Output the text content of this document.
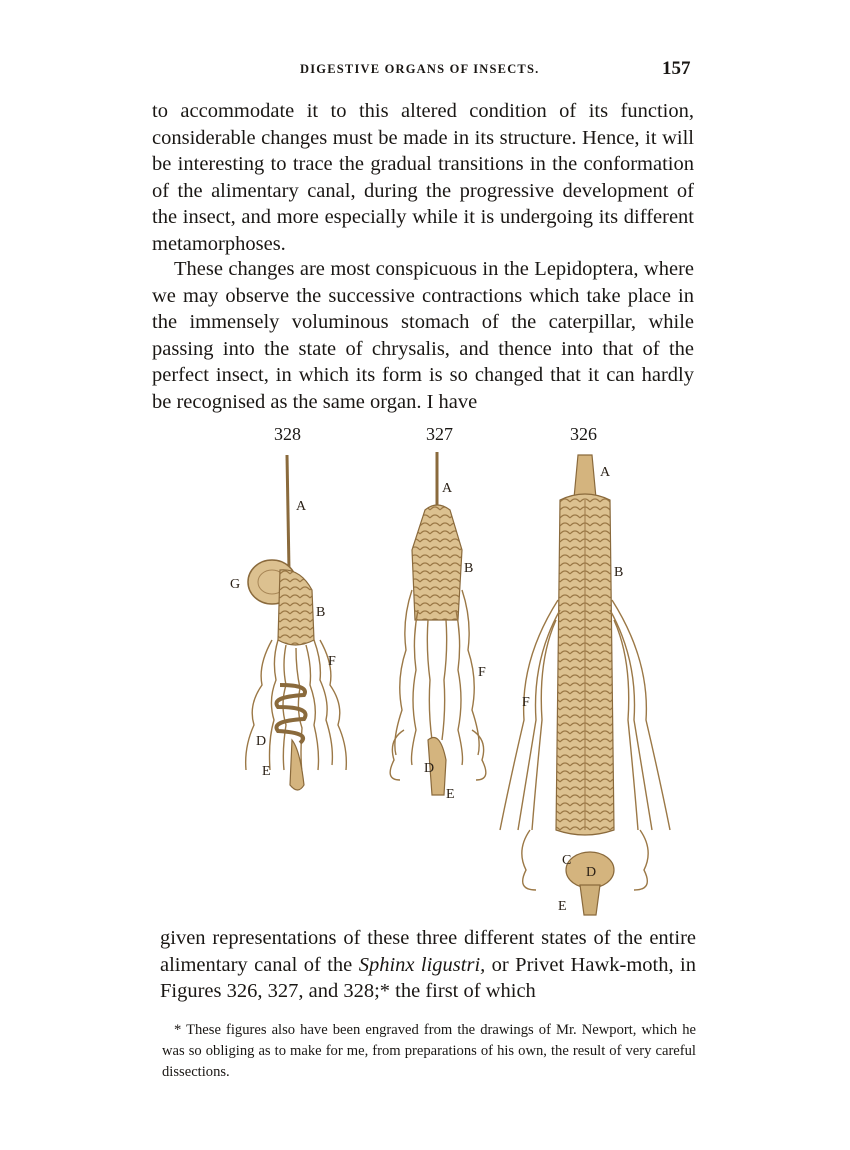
DIGESTIVE ORGANS OF INSECTS.	157

to accommodate it to this altered condition of its function, considerable changes must be made in its structure. Hence, it will be interesting to trace the gradual transitions in the conformation of the alimentary canal, during the progressive development of the insect, and more especially while it is undergoing its different metamorphoses.

These changes are most conspicuous in the Lepidoptera, where we may observe the successive contractions which take place in the immensely voluminous stomach of the caterpillar, while passing into the state of chrysalis, and thence into that of the perfect insect, in which its form is so changed that it can hardly be recognised as the same organ. I have

328	327	326
A
G
B
F
D
E
A
B
F
D
E
A
B
F
C
D
E

given representations of these three different states of the entire alimentary canal of the Sphinx ligustri, or Privet Hawk-moth, in Figures 326, 327, and 328;* the first of which

* These figures also have been engraved from the drawings of Mr. Newport, which he was so obliging as to make for me, from preparations of his own, the result of very careful dissections.
